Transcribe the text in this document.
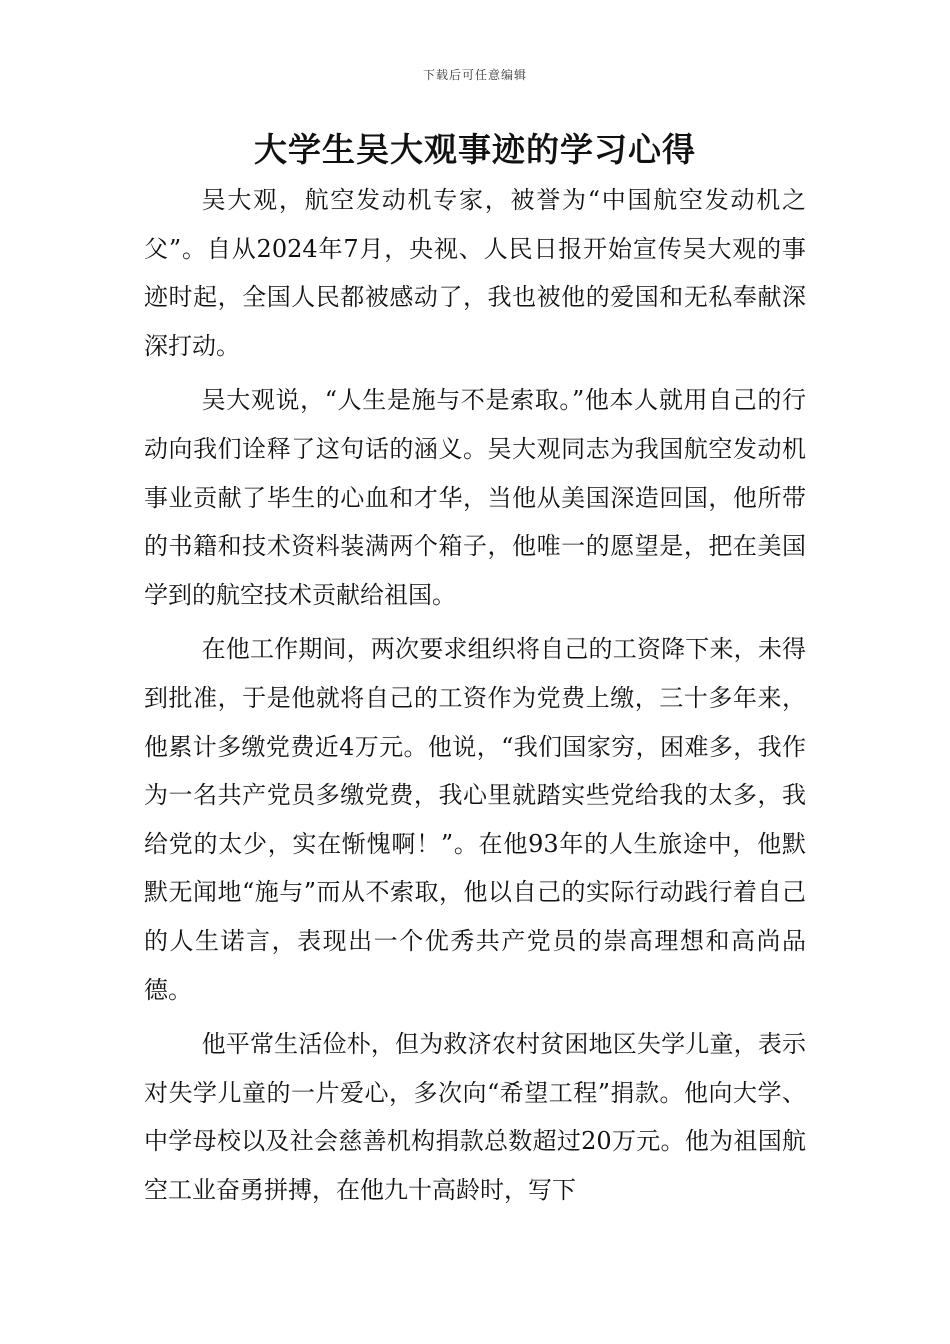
下载后可任意编辑
大学生吴大观事迹的学习心得

吴大观，航空发动机专家，被誉为“中国航空发动机之父”。自从2024年7月，央视、人民日报开始宣传吴大观的事迹时起，全国人民都被感动了，我也被他的爱国和无私奉献深深打动。

吴大观说，“人生是施与不是索取。”他本人就用自己的行动向我们诠释了这句话的涵义。吴大观同志为我国航空发动机事业贡献了毕生的心血和才华，当他从美国深造回国，他所带的书籍和技术资料装满两个箱子，他唯一的愿望是，把在美国学到的航空技术贡献给祖国。

在他工作期间，两次要求组织将自己的工资降下来，未得到批准，于是他就将自己的工资作为党费上缴，三十多年来，他累计多缴党费近4万元。他说，“我们国家穷，困难多，我作为一名共产党员多缴党费，我心里就踏实些党给我的太多，我给党的太少，实在惭愧啊！”。在他93年的人生旅途中，他默默无闻地“施与”而从不索取，他以自己的实际行动践行着自己的人生诺言，表现出一个优秀共产党员的崇高理想和高尚品德。

他平常生活俭朴，但为救济农村贫困地区失学儿童，表示对失学儿童的一片爱心，多次向“希望工程”捐款。他向大学、中学母校以及社会慈善机构捐款总数超过20万元。他为祖国航空工业奋勇拼搏，在他九十高龄时，写下
